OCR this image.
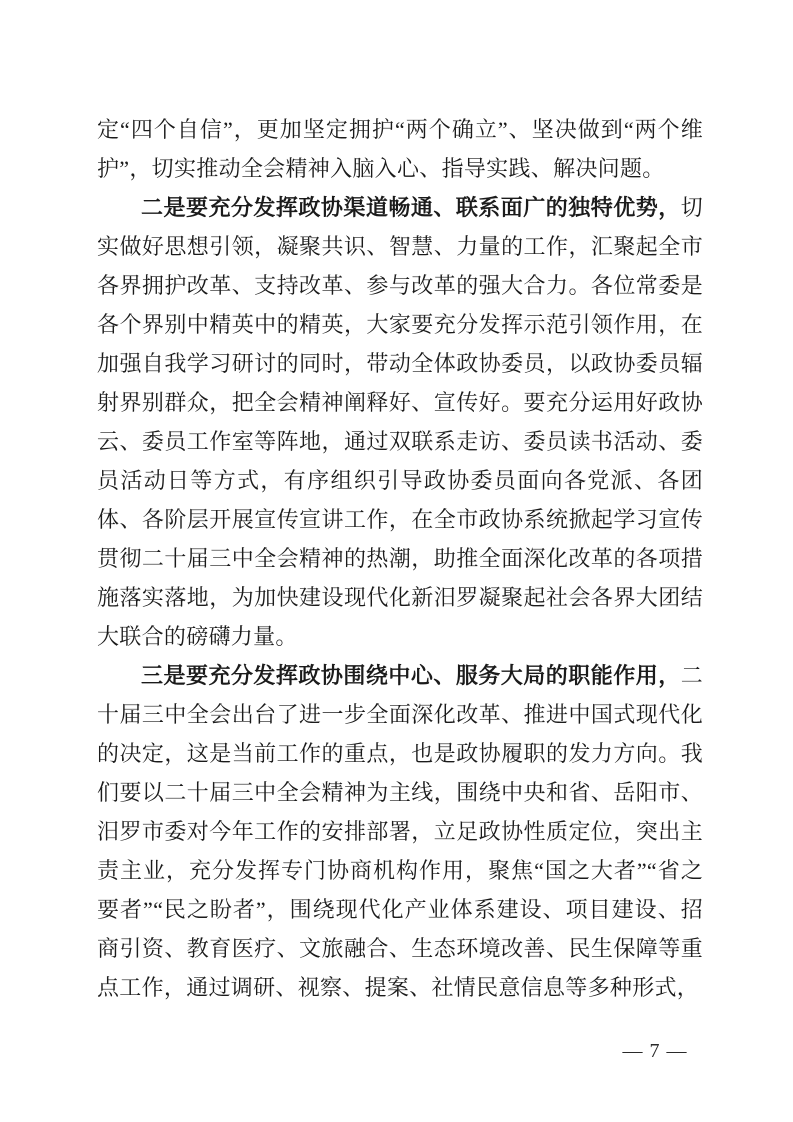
定“四个自信”，更加坚定拥护“两个确立”、坚决做到“两个维护”，切实推动全会精神入脑入心、指导实践、解决问题。

二是要充分发挥政协渠道畅通、联系面广的独特优势，切实做好思想引领，凝聚共识、智慧、力量的工作，汇聚起全市各界拥护改革、支持改革、参与改革的强大合力。各位常委是各个界别中精英中的精英，大家要充分发挥示范引领作用，在加强自我学习研讨的同时，带动全体政协委员，以政协委员辐射界别群众，把全会精神阐释好、宣传好。要充分运用好政协云、委员工作室等阵地，通过双联系走访、委员读书活动、委员活动日等方式，有序组织引导政协委员面向各党派、各团体、各阶层开展宣传宣讲工作，在全市政协系统掀起学习宣传贯彻二十届三中全会精神的热潮，助推全面深化改革的各项措施落实落地，为加快建设现代化新汨罗凝聚起社会各界大团结大联合的磅礴力量。

三是要充分发挥政协围绕中心、服务大局的职能作用，二十届三中全会出台了进一步全面深化改革、推进中国式现代化的决定，这是当前工作的重点，也是政协履职的发力方向。我们要以二十届三中全会精神为主线，围绕中央和省、岳阳市、汨罗市委对今年工作的安排部署，立足政协性质定位，突出主责主业，充分发挥专门协商机构作用，聚焦“国之大者”“省之要者”“民之盼者”，围绕现代化产业体系建设、项目建设、招商引资、教育医疗、文旅融合、生态环境改善、民生保障等重点工作，通过调研、视察、提案、社情民意信息等多种形式，

— 7 —
